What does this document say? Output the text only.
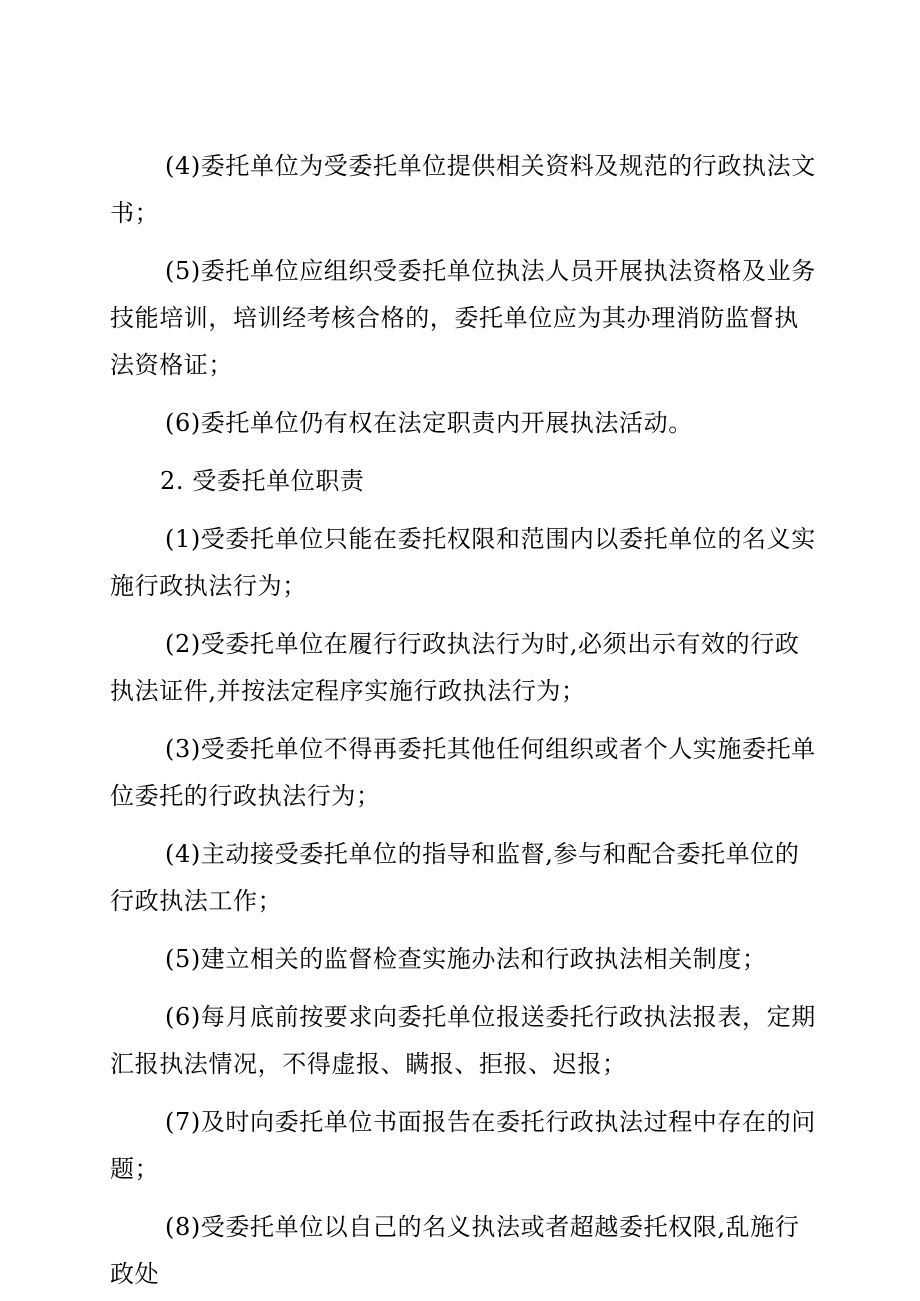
(4)委托单位为受委托单位提供相关资料及规范的行政执法文书；

(5)委托单位应组织受委托单位执法人员开展执法资格及业务技能培训，培训经考核合格的，委托单位应为其办理消防监督执法资格证；

(6)委托单位仍有权在法定职责内开展执法活动。

2. 受委托单位职责

(1)受委托单位只能在委托权限和范围内以委托单位的名义实施行政执法行为；

(2)受委托单位在履行行政执法行为时,必须出示有效的行政执法证件,并按法定程序实施行政执法行为；

(3)受委托单位不得再委托其他任何组织或者个人实施委托单位委托的行政执法行为；

(4)主动接受委托单位的指导和监督,参与和配合委托单位的行政执法工作；

(5)建立相关的监督检查实施办法和行政执法相关制度；

(6)每月底前按要求向委托单位报送委托行政执法报表，定期汇报执法情况，不得虚报、瞒报、拒报、迟报；

(7)及时向委托单位书面报告在委托行政执法过程中存在的问题；

(8)受委托单位以自己的名义执法或者超越委托权限,乱施行政处
